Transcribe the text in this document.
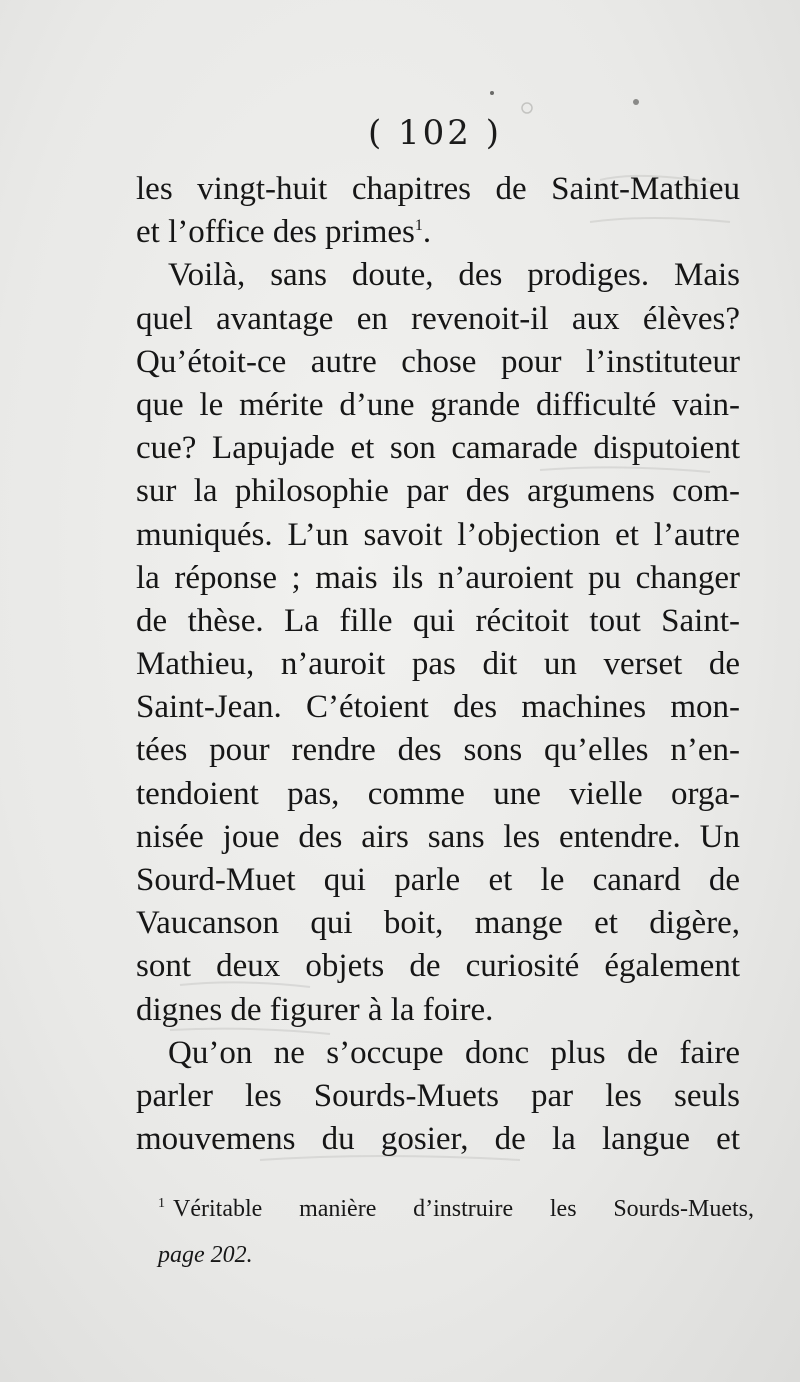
( 102 )
les vingt-huit chapitres de Saint-Mathieu
et l’office des primes$^1$.
Voilà, sans doute, des prodiges. Mais
quel avantage en revenoit-il aux élèves?
Qu’étoit-ce autre chose pour l’instituteur
que le mérite d’une grande difficulté vain-
cue? Lapujade et son camarade disputoient
sur la philosophie par des argumens com-
muniqués. L’un savoit l’objection et l’autre
la réponse ; mais ils n’auroient pu changer
de thèse. La fille qui récitoit tout Saint-
Mathieu, n’auroit pas dit un verset de
Saint-Jean. C’étoient des machines mon-
tées pour rendre des sons qu’elles n’en-
tendoient pas, comme une vielle orga-
nisée joue des airs sans les entendre. Un
Sourd-Muet qui parle et le canard de
Vaucanson qui boit, mange et digère,
sont deux objets de curiosité également
dignes de figurer à la foire.
Qu’on ne s’occupe donc plus de faire
parler les Sourds-Muets par les seuls
mouvemens du gosier, de la langue et
$^1$ Véritable manière d’instruire les Sourds-Muets,
page 202.
